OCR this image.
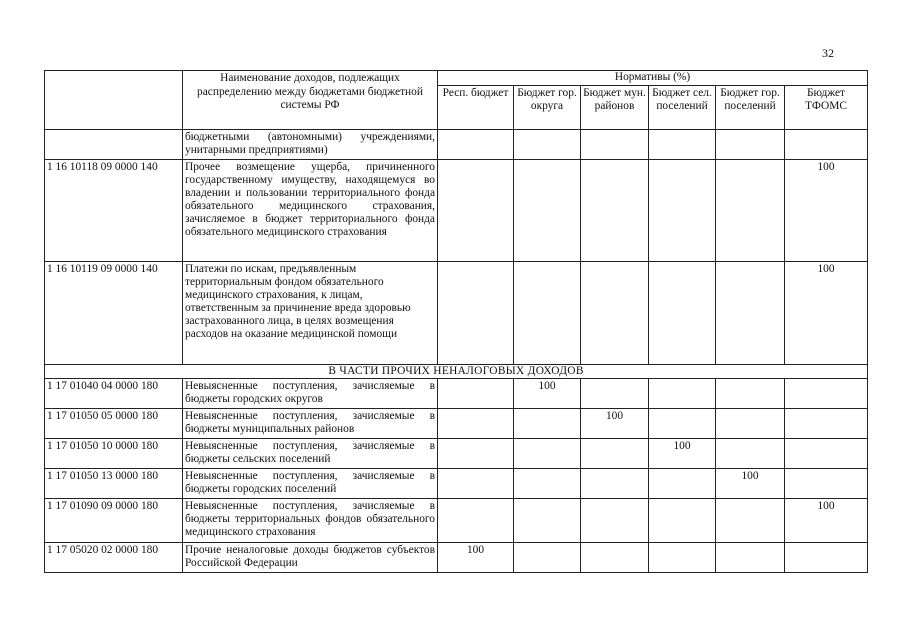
32
	Наименование доходов, подлежащих распределению между бюджетами бюджетной системы РФ	Нормативы (%)					
		Респ. бюджет	Бюджет гор. округа	Бюджет мун. районов	Бюджет сел. поселений	Бюджет гор. поселений	Бюджет ТФОМС
	бюджетными (автономными) учреждениями, унитарными предприятиями)						
1 16 10118 09 0000 140	Прочее возмещение ущерба, причиненного государственному имуществу, находящемуся во владении и пользовании территориального фонда обязательного медицинского страхования, зачисляемое в бюджет территориального фонда обязательного медицинского страхования						100
1 16 10119 09 0000 140	Платежи по искам, предъявленным территориальным фондом обязательного медицинского страхования, к лицам, ответственным за причинение вреда здоровью застрахованного лица, в целях возмещения расходов на оказание медицинской помощи						100
В ЧАСТИ ПРОЧИХ НЕНАЛОГОВЫХ ДОХОДОВ							
1 17 01040 04 0000 180	Невыясненные поступления, зачисляемые в бюджеты городских округов		100				
1 17 01050 05 0000 180	Невыясненные поступления, зачисляемые в бюджеты муниципальных районов			100			
1 17 01050 10 0000 180	Невыясненные поступления, зачисляемые в бюджеты сельских поселений				100		
1 17 01050 13 0000 180	Невыясненные поступления, зачисляемые в бюджеты городских поселений					100	
1 17 01090 09 0000 180	Невыясненные поступления, зачисляемые в бюджеты территориальных фондов обязательного медицинского страхования						100
1 17 05020 02 0000 180	Прочие неналоговые доходы бюджетов субъектов Российской Федерации	100					
